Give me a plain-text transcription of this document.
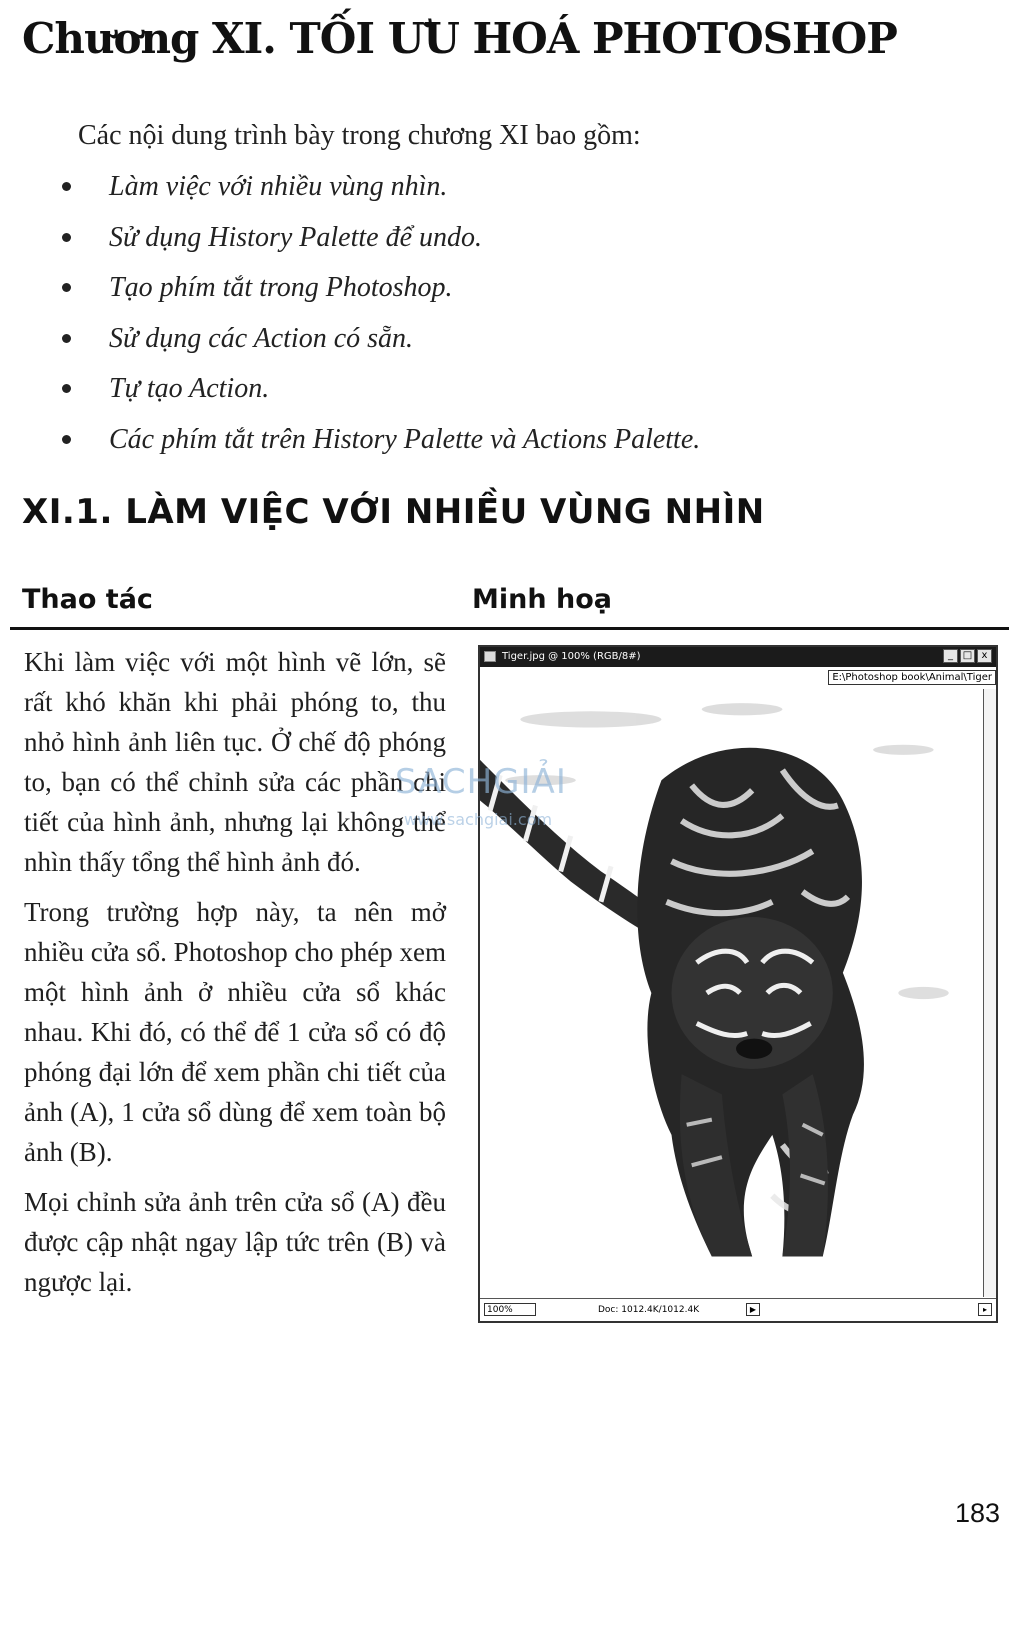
Chương XI. TỐI ƯU HOÁ PHOTOSHOP

Các nội dung trình bày trong chương XI bao gồm:

Làm việc với nhiều vùng nhìn.
Sử dụng History Palette để undo.
Tạo phím tắt trong Photoshop.
Sử dụng các Action có sẵn.
Tự tạo Action.
Các phím tắt trên History Palette và Actions Palette.
XI.1. LÀM VIỆC VỚI NHIỀU VÙNG NHÌN
Thao tác	Minh hoạ

Khi làm việc với một hình vẽ lớn, sẽ rất khó khăn khi phải phóng to, thu nhỏ hình ảnh liên tục. Ở chế độ phóng to, bạn có thể chỉnh sửa các phần chi tiết của hình ảnh, nhưng lại không thể nhìn thấy tổng thể hình ảnh đó.

Trong trường hợp này, ta nên mở nhiều cửa sổ. Photoshop cho phép xem một hình ảnh ở nhiều cửa sổ khác nhau. Khi đó, có thể để 1 cửa sổ có độ phóng đại lớn để xem phần chi tiết của ảnh (A), 1 cửa sổ dùng để xem toàn bộ ảnh (B).

Mọi chỉnh sửa ảnh trên cửa sổ (A) đều được cập nhật ngay lập tức trên (B) và ngược lại.

Tiger.jpg @ 100% (RGB/8#)	_ □ x
E:\Photoshop book\Animal\Tiger
100%	Doc: 1012.4K/1012.4K	▶	▸
SACHGIẢI
www.sachgiai.com
183
